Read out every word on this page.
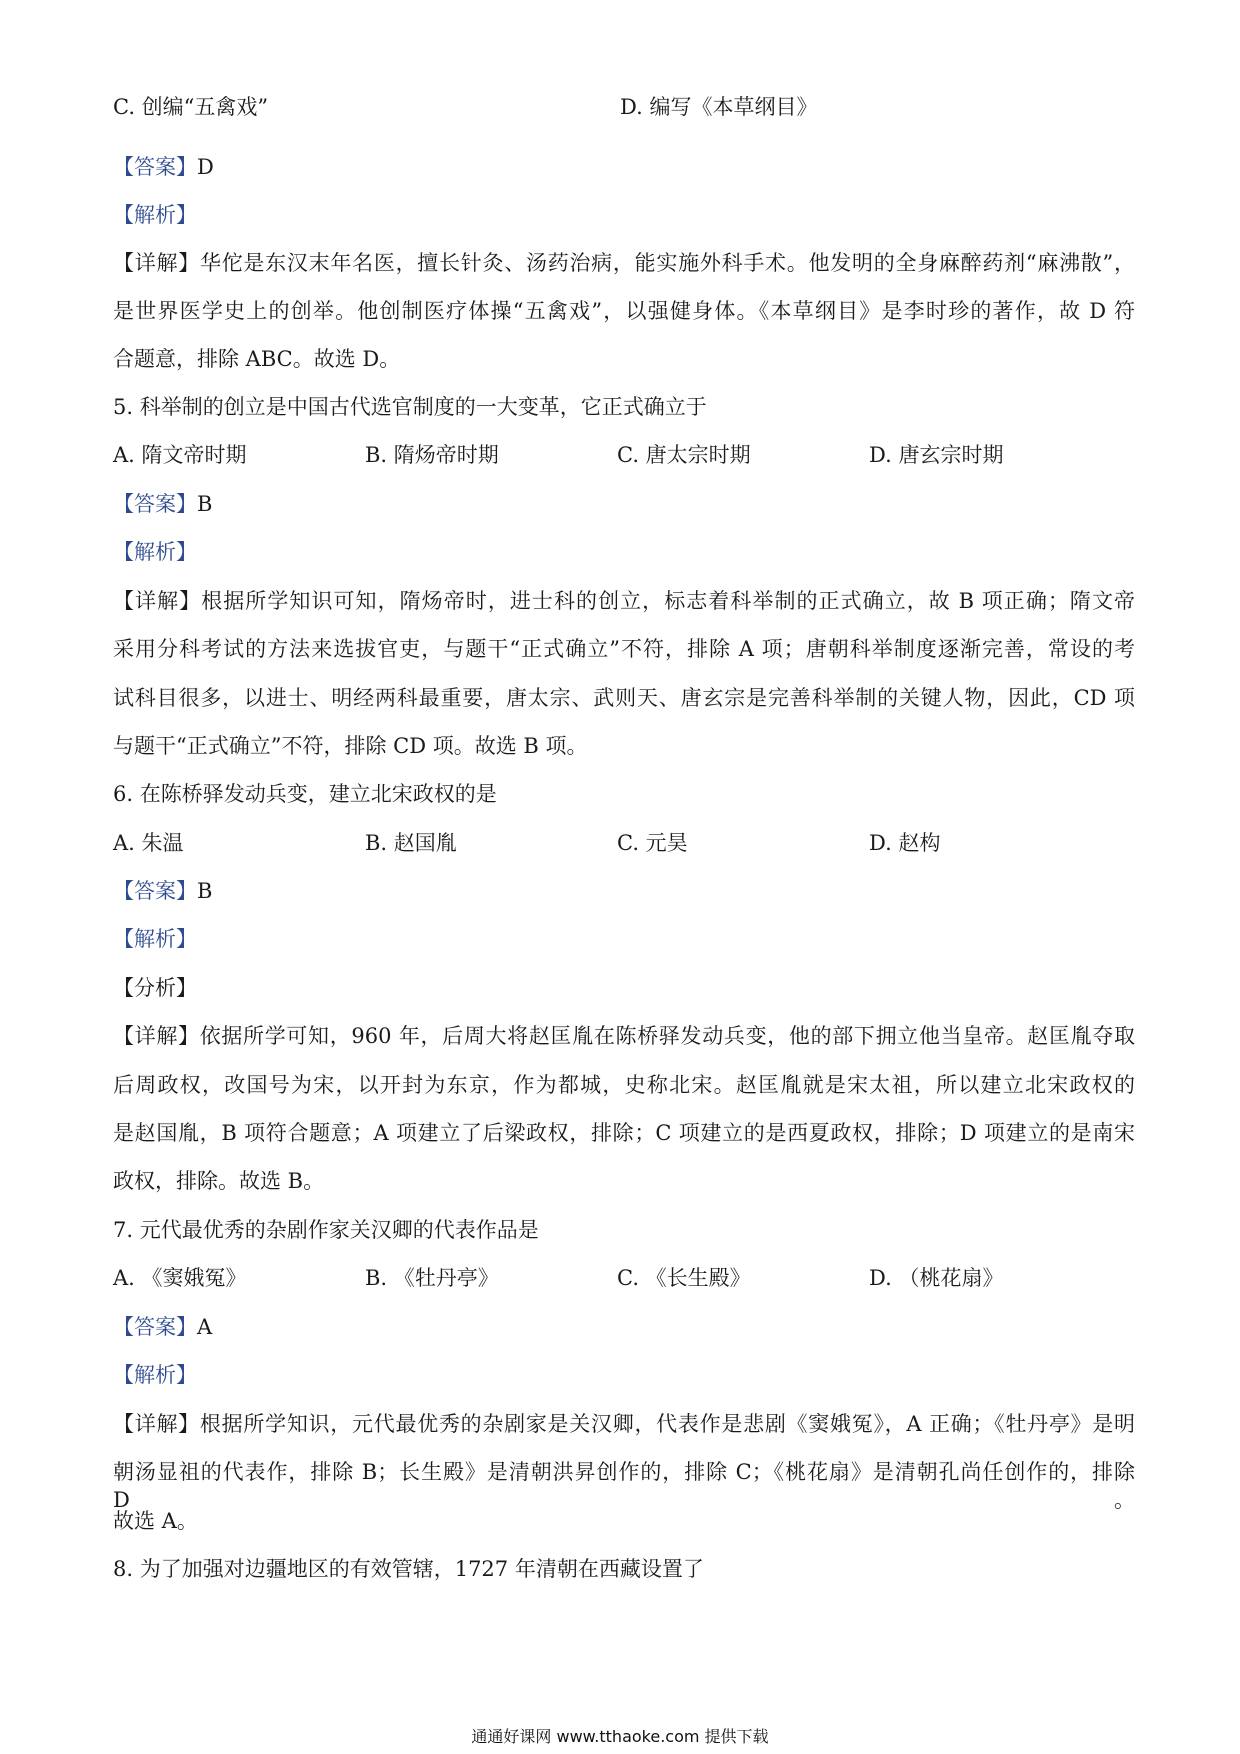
C. 创编“五禽戏”	D. 编写《本草纲目》
【答案】D
【解析】
【详解】华佗是东汉末年名医，擅长针灸、汤药治病，能实施外科手术。他发明的全身麻醉药剂“麻沸散”，
是世界医学史上的创举。他创制医疗体操“五禽戏”，以强健身体。《本草纲目》是李时珍的著作，故 D 符
合题意，排除 ABC。故选 D。
5. 科举制的创立是中国古代选官制度的一大变革，它正式确立于
A. 隋文帝时期	B. 隋炀帝时期	C. 唐太宗时期	D. 唐玄宗时期
【答案】B
【解析】
【详解】根据所学知识可知，隋炀帝时，进士科的创立，标志着科举制的正式确立，故 B 项正确；隋文帝
采用分科考试的方法来选拔官吏，与题干“正式确立”不符，排除 A 项；唐朝科举制度逐渐完善，常设的考
试科目很多，以进士、明经两科最重要，唐太宗、武则天、唐玄宗是完善科举制的关键人物，因此，CD 项
与题干“正式确立”不符，排除 CD 项。故选 B 项。
6. 在陈桥驿发动兵变，建立北宋政权的是
A. 朱温	B. 赵国胤	C. 元昊	D. 赵构
【答案】B
【解析】
【分析】
【详解】依据所学可知，960 年，后周大将赵匡胤在陈桥驿发动兵变，他的部下拥立他当皇帝。赵匡胤夺取
后周政权，改国号为宋，以开封为东京，作为都城，史称北宋。赵匡胤就是宋太祖，所以建立北宋政权的
是赵国胤，B 项符合题意；A 项建立了后梁政权，排除；C 项建立的是西夏政权，排除；D 项建立的是南宋
政权，排除。故选 B。
7. 元代最优秀的杂剧作家关汉卿的代表作品是
A. 《窦娥冤》	B. 《牡丹亭》	C. 《长生殿》	D. （桃花扇》
【答案】A
【解析】
【详解】根据所学知识，元代最优秀的杂剧家是关汉卿，代表作是悲剧《窦娥冤》，A 正确；《牡丹亭》是明
朝汤显祖的代表作，排除 B；长生殿》是清朝洪昇创作的，排除 C；《桃花扇》是清朝孔尚任创作的，排除 D。
故选 A。
8. 为了加强对边疆地区的有效管辖，1727 年清朝在西藏设置了
通通好课网 www.tthaoke.com 提供下载
